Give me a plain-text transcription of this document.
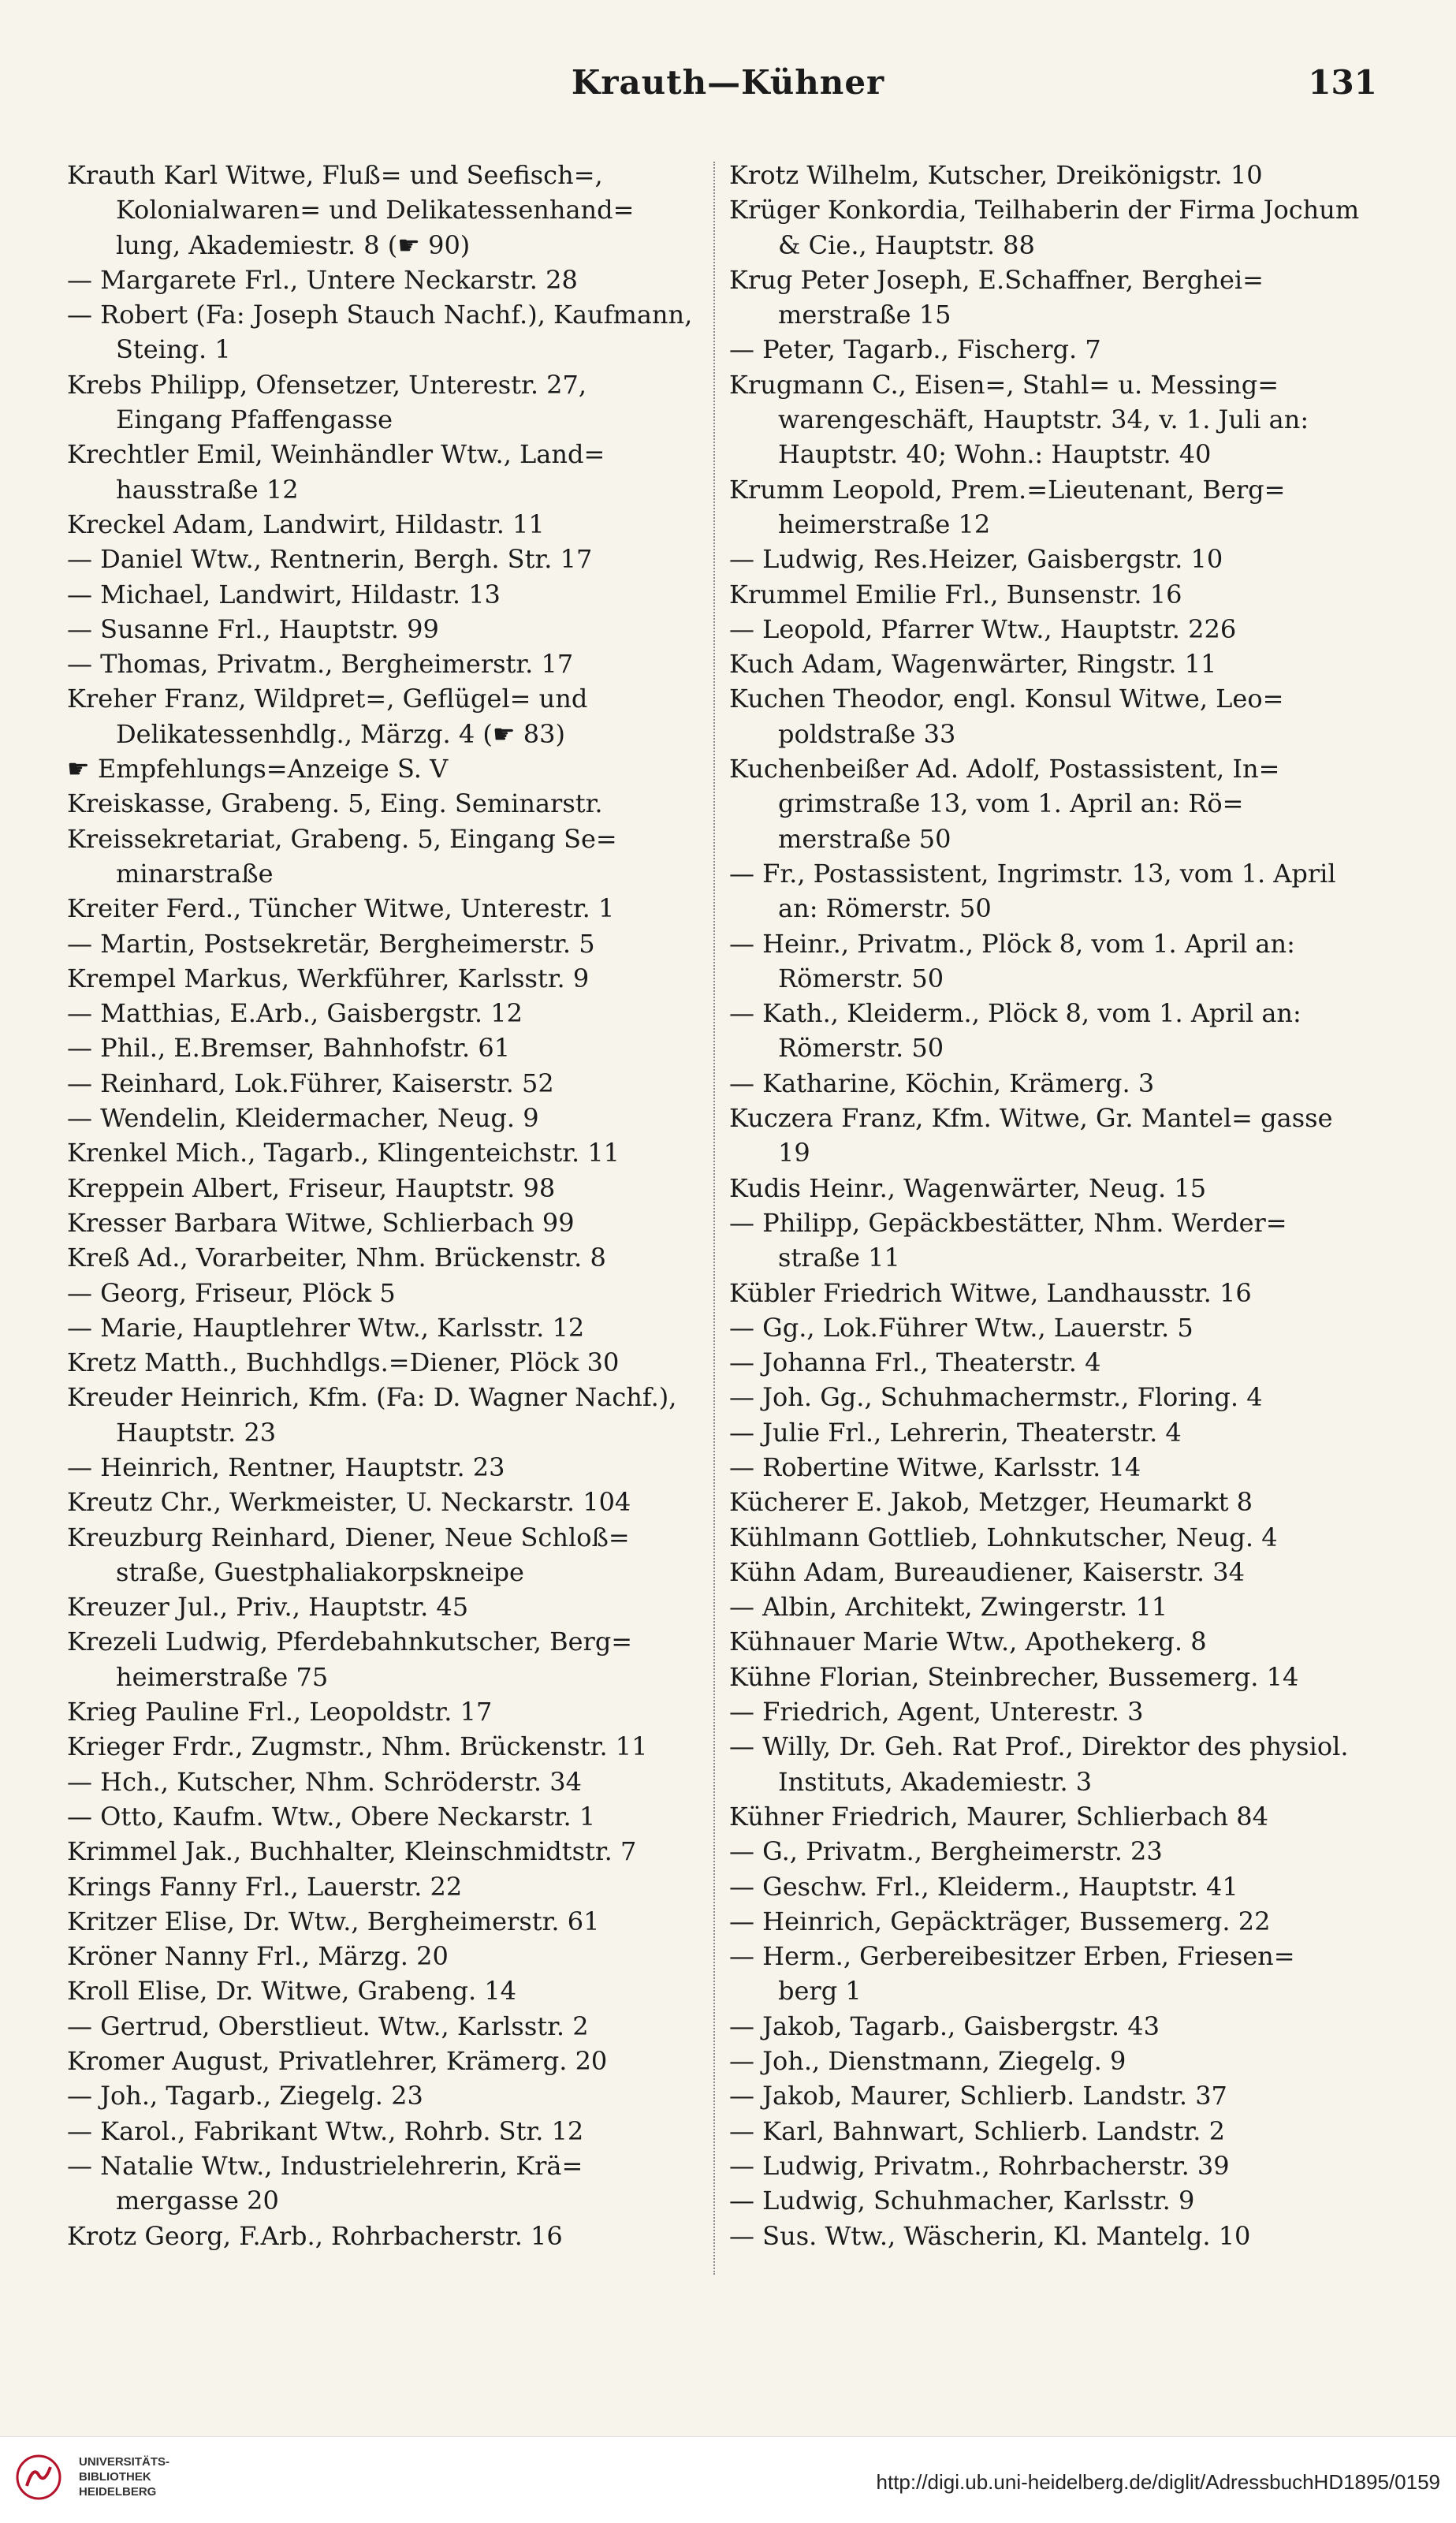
Krauth—Kühner	131
Krauth Karl Witwe, Fluß= und Seefisch=, Kolonialwaren= und Delikatessenhand= lung, Akademiestr. 8 (☛ 90)
— Margarete Frl., Untere Neckarstr. 28
— Robert (Fa: Joseph Stauch Nachf.), Kaufmann, Steing. 1
Krebs Philipp, Ofensetzer, Unterestr. 27, Eingang Pfaffengasse
Krechtler Emil, Weinhändler Wtw., Land= hausstraße 12
Kreckel Adam, Landwirt, Hildastr. 11
— Daniel Wtw., Rentnerin, Bergh. Str. 17
— Michael, Landwirt, Hildastr. 13
— Susanne Frl., Hauptstr. 99
— Thomas, Privatm., Bergheimerstr. 17
Kreher Franz, Wildpret=, Geflügel= und Delikatessenhdlg., Märzg. 4 (☛ 83)
☛ Empfehlungs=Anzeige S. V
Kreiskasse, Grabeng. 5, Eing. Seminarstr.
Kreissekretariat, Grabeng. 5, Eingang Se= minarstraße
Kreiter Ferd., Tüncher Witwe, Unterestr. 1
— Martin, Postsekretär, Bergheimerstr. 5
Krempel Markus, Werkführer, Karlsstr. 9
— Matthias, E.Arb., Gaisbergstr. 12
— Phil., E.Bremser, Bahnhofstr. 61
— Reinhard, Lok.Führer, Kaiserstr. 52
— Wendelin, Kleidermacher, Neug. 9
Krenkel Mich., Tagarb., Klingenteichstr. 11
Kreppein Albert, Friseur, Hauptstr. 98
Kresser Barbara Witwe, Schlierbach 99
Kreß Ad., Vorarbeiter, Nhm. Brückenstr. 8
— Georg, Friseur, Plöck 5
— Marie, Hauptlehrer Wtw., Karlsstr. 12
Kretz Matth., Buchhdlgs.=Diener, Plöck 30
Kreuder Heinrich, Kfm. (Fa: D. Wagner Nachf.), Hauptstr. 23
— Heinrich, Rentner, Hauptstr. 23
Kreutz Chr., Werkmeister, U. Neckarstr. 104
Kreuzburg Reinhard, Diener, Neue Schloß= straße, Guestphaliakorpskneipe
Kreuzer Jul., Priv., Hauptstr. 45
Krezeli Ludwig, Pferdebahnkutscher, Berg= heimerstraße 75
Krieg Pauline Frl., Leopoldstr. 17
Krieger Frdr., Zugmstr., Nhm. Brückenstr. 11
— Hch., Kutscher, Nhm. Schröderstr. 34
— Otto, Kaufm. Wtw., Obere Neckarstr. 1
Krimmel Jak., Buchhalter, Kleinschmidtstr. 7
Krings Fanny Frl., Lauerstr. 22
Kritzer Elise, Dr. Wtw., Bergheimerstr. 61
Kröner Nanny Frl., Märzg. 20
Kroll Elise, Dr. Witwe, Grabeng. 14
— Gertrud, Oberstlieut. Wtw., Karlsstr. 2
Kromer August, Privatlehrer, Krämerg. 20
— Joh., Tagarb., Ziegelg. 23
— Karol., Fabrikant Wtw., Rohrb. Str. 12
— Natalie Wtw., Industrielehrerin, Krä= mergasse 20
Krotz Georg, F.Arb., Rohrbacherstr. 16
Krotz Wilhelm, Kutscher, Dreikönigstr. 10
Krüger Konkordia, Teilhaberin der Firma Jochum & Cie., Hauptstr. 88
Krug Peter Joseph, E.Schaffner, Berghei= merstraße 15
— Peter, Tagarb., Fischerg. 7
Krugmann C., Eisen=, Stahl= u. Messing= warengeschäft, Hauptstr. 34, v. 1. Juli an: Hauptstr. 40; Wohn.: Hauptstr. 40
Krumm Leopold, Prem.=Lieutenant, Berg= heimerstraße 12
— Ludwig, Res.Heizer, Gaisbergstr. 10
Krummel Emilie Frl., Bunsenstr. 16
— Leopold, Pfarrer Wtw., Hauptstr. 226
Kuch Adam, Wagenwärter, Ringstr. 11
Kuchen Theodor, engl. Konsul Witwe, Leo= poldstraße 33
Kuchenbeißer Ad. Adolf, Postassistent, In= grimstraße 13, vom 1. April an: Rö= merstraße 50
— Fr., Postassistent, Ingrimstr. 13, vom 1. April an: Römerstr. 50
— Heinr., Privatm., Plöck 8, vom 1. April an: Römerstr. 50
— Kath., Kleiderm., Plöck 8, vom 1. April an: Römerstr. 50
— Katharine, Köchin, Krämerg. 3
Kuczera Franz, Kfm. Witwe, Gr. Mantel= gasse 19
Kudis Heinr., Wagenwärter, Neug. 15
— Philipp, Gepäckbestätter, Nhm. Werder= straße 11
Kübler Friedrich Witwe, Landhausstr. 16
— Gg., Lok.Führer Wtw., Lauerstr. 5
— Johanna Frl., Theaterstr. 4
— Joh. Gg., Schuhmachermstr., Floring. 4
— Julie Frl., Lehrerin, Theaterstr. 4
— Robertine Witwe, Karlsstr. 14
Kücherer E. Jakob, Metzger, Heumarkt 8
Kühlmann Gottlieb, Lohnkutscher, Neug. 4
Kühn Adam, Bureaudiener, Kaiserstr. 34
— Albin, Architekt, Zwingerstr. 11
Kühnauer Marie Wtw., Apothekerg. 8
Kühne Florian, Steinbrecher, Bussemerg. 14
— Friedrich, Agent, Unterestr. 3
— Willy, Dr. Geh. Rat Prof., Direktor des physiol. Instituts, Akademiestr. 3
Kühner Friedrich, Maurer, Schlierbach 84
— G., Privatm., Bergheimerstr. 23
— Geschw. Frl., Kleiderm., Hauptstr. 41
— Heinrich, Gepäckträger, Bussemerg. 22
— Herm., Gerbereibesitzer Erben, Friesen= berg 1
— Jakob, Tagarb., Gaisbergstr. 43
— Joh., Dienstmann, Ziegelg. 9
— Jakob, Maurer, Schlierb. Landstr. 37
— Karl, Bahnwart, Schlierb. Landstr. 2
— Ludwig, Privatm., Rohrbacherstr. 39
— Ludwig, Schuhmacher, Karlsstr. 9
— Sus. Wtw., Wäscherin, Kl. Mantelg. 10
UNIVERSITÄTS-
BIBLIOTHEK
HEIDELBERG	http://digi.ub.uni-heidelberg.de/diglit/AdressbuchHD1895/0159
